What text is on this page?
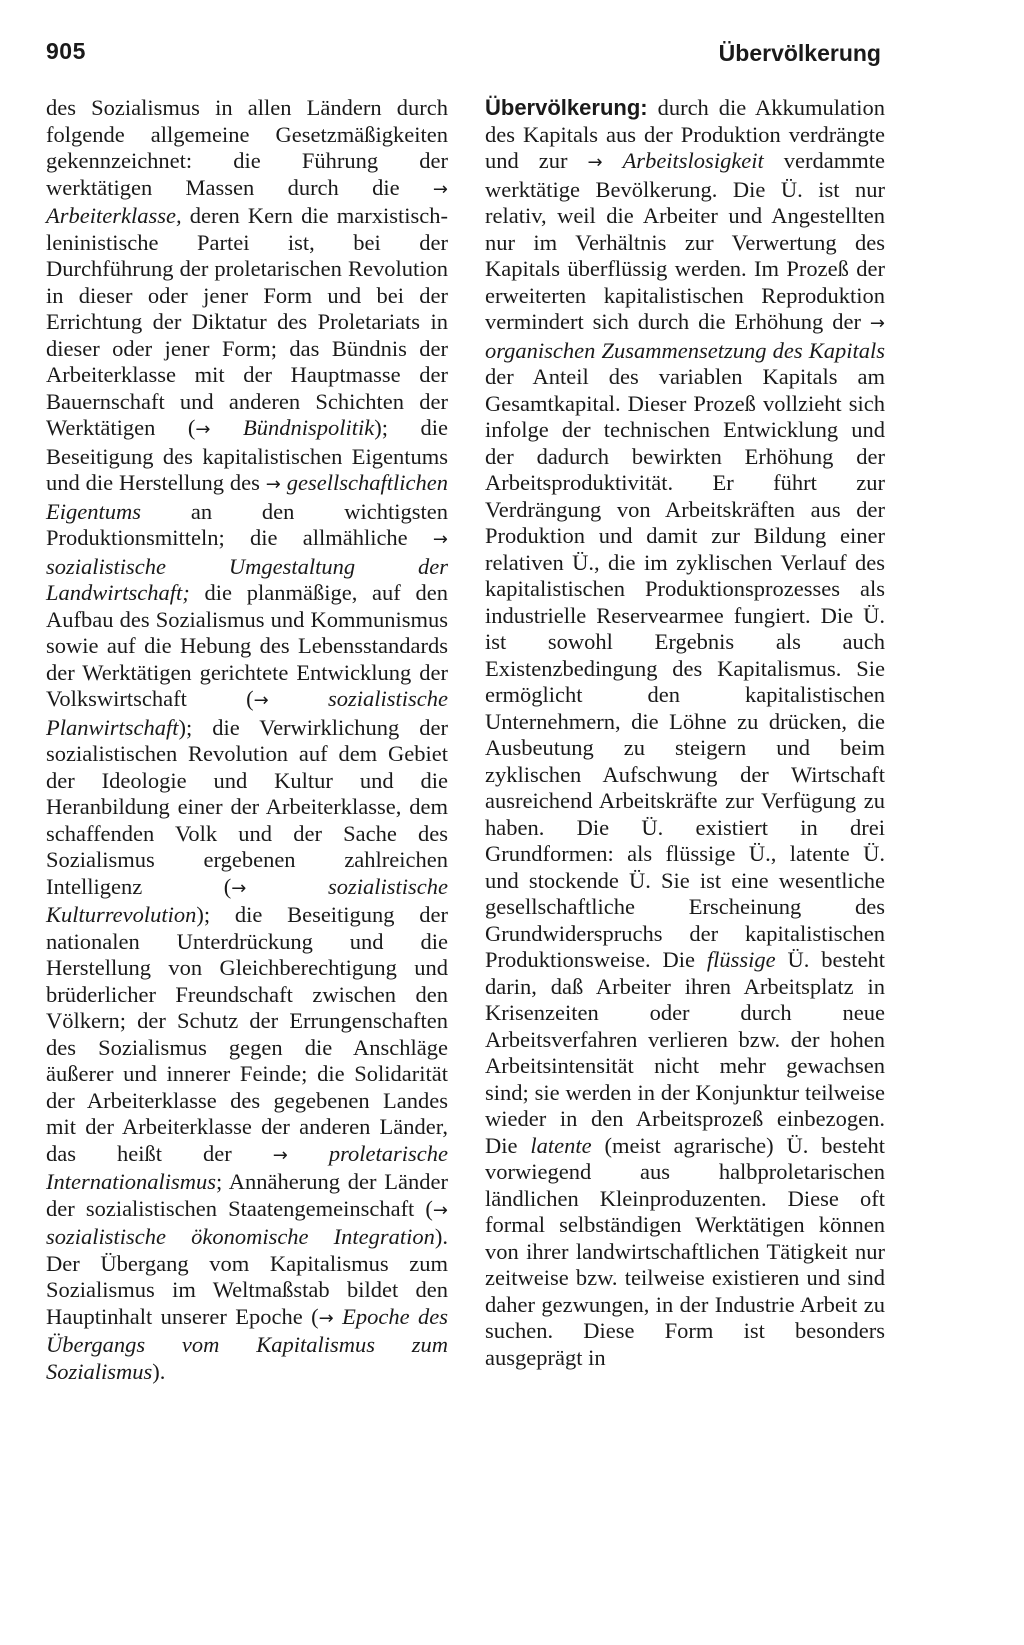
905	Übervölkerung

des Sozialismus in allen Ländern durch folgende allgemeine Gesetzmäßigkeiten gekennzeichnet: die Führung der werktätigen Massen durch die → Arbeiterklasse, deren Kern die marxistisch-leninistische Partei ist, bei der Durchführung der proletarischen Revolution in dieser oder jener Form und bei der Errichtung der Diktatur des Proletariats in dieser oder jener Form; das Bündnis der Arbeiterklasse mit der Hauptmasse der Bauernschaft und anderen Schichten der Werktätigen (→ Bündnispolitik); die Beseitigung des kapitalistischen Eigentums und die Herstellung des → gesellschaftlichen Eigentums an den wichtigsten Produktionsmitteln; die allmähliche → sozialistische Umgestaltung der Landwirtschaft; die planmäßige, auf den Aufbau des Sozialismus und Kommunismus sowie auf die Hebung des Lebensstandards der Werktätigen gerichtete Entwicklung der Volkswirtschaft (→	sozialistische Planwirtschaft); die Verwirklichung der sozialistischen Revolution auf dem Gebiet der Ideologie und Kultur und die Heranbildung einer der Arbeiterklasse, dem schaffenden Volk und der Sache des Sozialismus ergebenen zahlreichen Intelligenz (→	sozialistische Kulturrevolution); die Beseitigung der nationalen Unterdrückung und die Herstellung von Gleichberechtigung und brüderlicher Freundschaft zwischen den Völkern; der Schutz der Errungenschaften des Sozialismus gegen die Anschläge äußerer und innerer Feinde; die Solidarität der Arbeiterklasse des gegebenen Landes mit der Arbeiterklasse der anderen Länder, das heißt der → proletarische Internationalismus; Annäherung der Länder der sozialistischen Staatengemeinschaft (→ sozialistische ökonomische Integration). Der Übergang vom Kapitalismus zum Sozialismus im Weltmaßstab bildet den Hauptinhalt unserer Epoche (→ Epoche des Übergangs vom Kapitalismus zum Sozialismus).

Übervölkerung: durch die Akkumulation des Kapitals aus der Produktion verdrängte und zur → Arbeitslosigkeit verdammte werktätige Bevölkerung. Die Ü. ist nur relativ, weil die Arbeiter und Angestellten nur im Verhältnis zur Verwertung des Kapitals überflüssig werden. Im Prozeß der erweiterten kapitalistischen Reproduktion vermindert sich durch die Erhöhung der → organischen Zusammensetzung des Kapitals der Anteil des variablen Kapitals am Gesamtkapital. Dieser Prozeß vollzieht sich infolge der technischen Entwicklung und der dadurch bewirkten Erhöhung der Arbeitsproduktivität. Er führt zur Verdrängung von Arbeitskräften aus der Produktion und damit zur Bildung einer relativen Ü., die im zyklischen Verlauf des kapitalistischen Produktionsprozesses als industrielle Reservearmee fungiert. Die Ü. ist sowohl Ergebnis als auch Existenzbedingung des Kapitalismus. Sie ermöglicht den kapitalistischen Unternehmern, die Löhne zu drücken, die Ausbeutung zu steigern und beim zyklischen Aufschwung der Wirtschaft ausreichend Arbeitskräfte zur Verfügung zu haben. Die Ü. existiert in drei Grundformen: als flüssige Ü., latente Ü. und stockende Ü. Sie ist eine wesentliche gesellschaftliche Erscheinung des Grundwiderspruchs der kapitalistischen Produktionsweise. Die flüssige Ü. besteht darin, daß Arbeiter ihren Arbeitsplatz in Krisenzeiten oder durch neue Arbeitsverfahren verlieren bzw. der hohen Arbeitsintensität nicht mehr gewachsen sind; sie werden in der Konjunktur teilweise wieder in den Arbeitsprozeß einbezogen. Die latente (meist agrarische) Ü. besteht vorwiegend aus halbproletarischen ländlichen Kleinproduzenten. Diese oft formal selbständigen Werktätigen können von ihrer landwirtschaftlichen Tätigkeit nur zeitweise bzw. teilweise existieren und sind daher gezwungen, in der Industrie Arbeit zu suchen. Diese Form ist besonders ausgeprägt in
